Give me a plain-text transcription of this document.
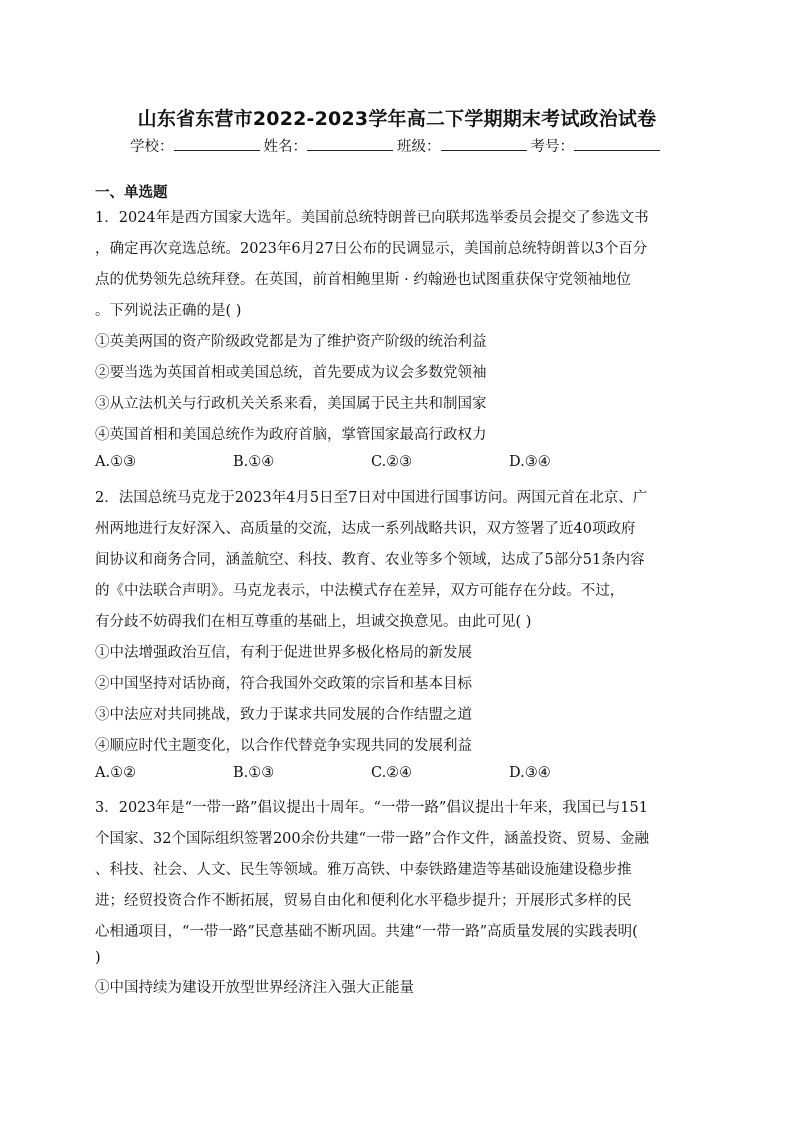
山东省东营市2022-2023学年高二下学期期末考试政治试卷
学校：	姓名：	班级：	考号：
一、单选题
1．2024年是西方国家大选年。美国前总统特朗普已向联邦选举委员会提交了参选文书
，确定再次竞选总统。2023年6月27日公布的民调显示，美国前总统特朗普以3个百分
点的优势领先总统拜登。在英国，前首相鲍里斯 · 约翰逊也试图重获保守党领袖地位
。下列说法正确的是( )
①英美两国的资产阶级政党都是为了维护资产阶级的统治利益
②要当选为英国首相或美国总统，首先要成为议会多数党领袖
③从立法机关与行政机关关系来看，美国属于民主共和制国家
④英国首相和美国总统作为政府首脑，掌管国家最高行政权力
A.①③	B.①④	C.②③	D.③④
2．法国总统马克龙于2023年4月5日至7日对中国进行国事访问。两国元首在北京、广
州两地进行友好深入、高质量的交流，达成一系列战略共识，双方签署了近40项政府
间协议和商务合同，涵盖航空、科技、教育、农业等多个领域，达成了5部分51条内容
的《中法联合声明》。马克龙表示，中法模式存在差异，双方可能存在分歧。不过，
有分歧不妨碍我们在相互尊重的基础上，坦诚交换意见。由此可见( )
①中法增强政治互信，有利于促进世界多极化格局的新发展
②中国坚持对话协商，符合我国外交政策的宗旨和基本目标
③中法应对共同挑战，致力于谋求共同发展的合作结盟之道
④顺应时代主题变化，以合作代替竞争实现共同的发展利益
A.①②	B.①③	C.②④	D.③④
3．2023年是“一带一路”倡议提出十周年。“一带一路”倡议提出十年来，我国已与151
个国家、32个国际组织签署200余份共建“一带一路”合作文件，涵盖投资、贸易、金融
、科技、社会、人文、民生等领域。雅万高铁、中泰铁路建造等基础设施建设稳步推
进；经贸投资合作不断拓展，贸易自由化和便利化水平稳步提升；开展形式多样的民
心相通项目，“一带一路”民意基础不断巩固。共建“一带一路”高质量发展的实践表明(
)
①中国持续为建设开放型世界经济注入强大正能量
